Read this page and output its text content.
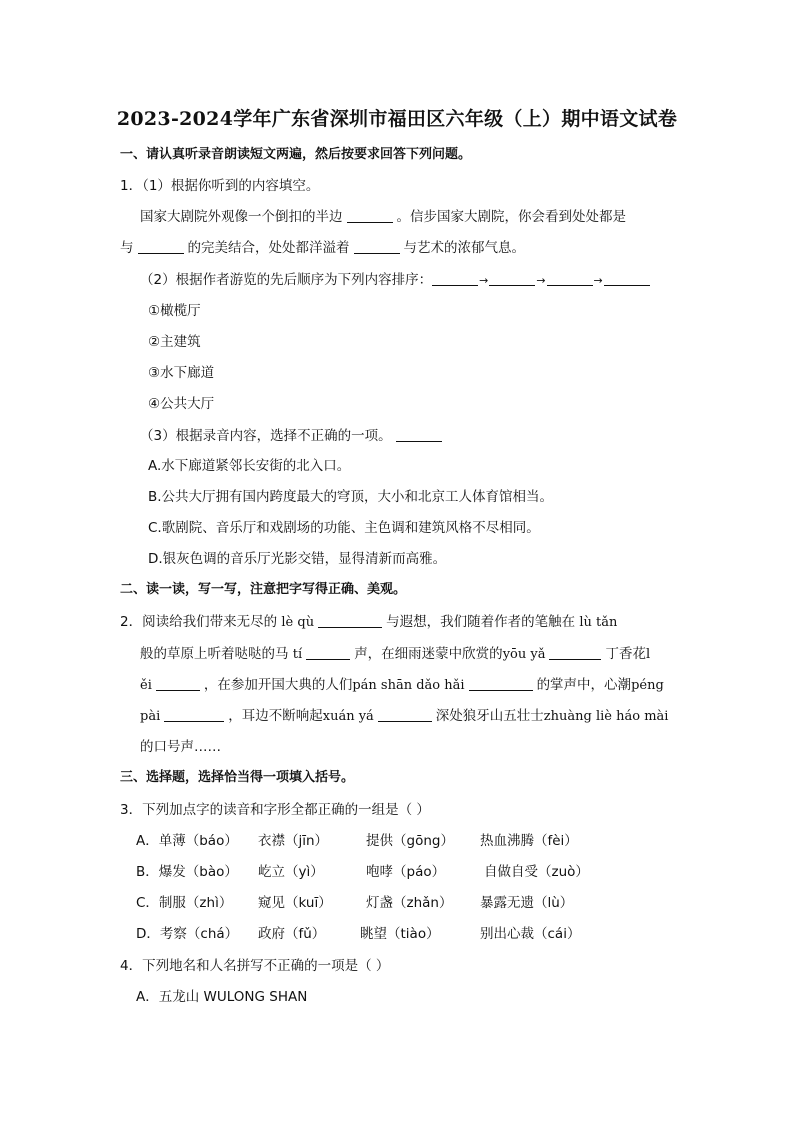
2023-2024学年广东省深圳市福田区六年级（上）期中语文试卷
一、请认真听录音朗读短文两遍，然后按要求回答下列问题。
1．（1）根据你听到的内容填空。
国家大剧院外观像一个倒扣的半边	。信步国家大剧院，你会看到处处都是
与	的完美结合，处处都洋溢着	与艺术的浓郁气息。
（2）根据作者游览的先后顺序为下列内容排序：	→	→	→
①橄榄厅
②主建筑
③水下廊道
④公共大厅
（3）根据录音内容，选择不正确的一项。
A.水下廊道紧邻长安街的北入口。
B.公共大厅拥有国内跨度最大的穹顶，大小和北京工人体育馆相当。
C.歌剧院、音乐厅和戏剧场的功能、主色调和建筑风格不尽相同。
D.银灰色调的音乐厅光影交错，显得清新而高雅。
二、读一读，写一写，注意把字写得正确、美观。
2．阅读给我们带来无尽的 lè qù	与遐想，我们随着作者的笔触在 lù tǎn
般的草原上听着哒哒的马 tí	声，在细雨迷蒙中欣赏的yōu yǎ	丁香花l
ěi	，在参加开国大典的人们pán shān dǎo hǎi	的掌声中，心潮péng
pài	，耳边不断响起xuán yá	深处狼牙山五壮士zhuàng liè háo mài
的口号声……
三、选择题，选择恰当得一项填入括号。
3．下列加点字的读音和字形全都正确的一组是（ ）
A．单薄（báo） 衣襟（jīn）	提供（gōng） 热血沸腾（fèi）
B．爆发（bào） 屹立（yì）	咆哮（páo）	自做自受（zuò）
C．制服（zhì） 窥见（kuī）	灯盏（zhǎn） 暴露无遗（lù）
D．考察（chá） 政府（fǔ）	眺望（tiào）	别出心裁（cái）
4．下列地名和人名拼写不正确的一项是（ ）
A．五龙山 WULONG SHAN
